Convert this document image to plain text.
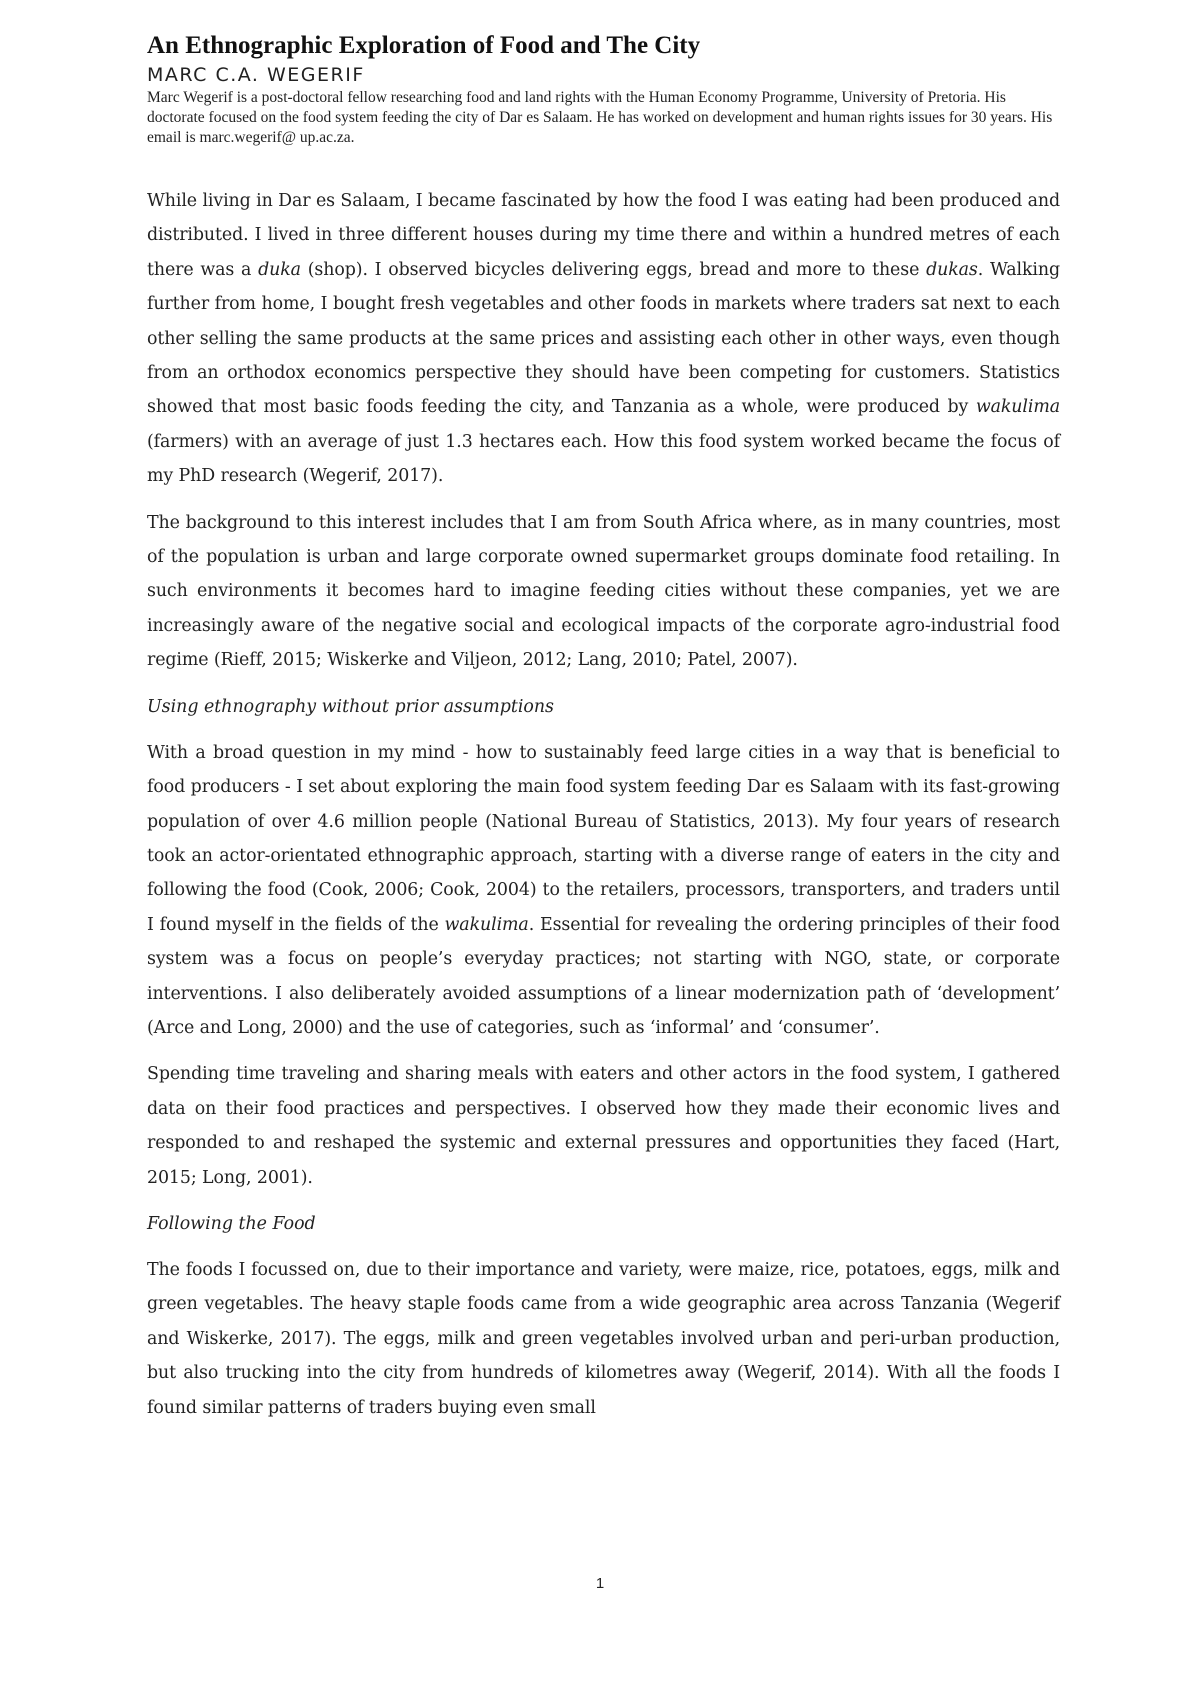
An Ethnographic Exploration of Food and The City

MARC C.A. WEGERIF

Marc Wegerif is a post-doctoral fellow researching food and land rights with the Human Economy Programme, University of Pretoria. His doctorate focused on the food system feeding the city of Dar es Salaam. He has worked on development and human rights issues for 30 years. His email is marc.wegerif@ up.ac.za.

While living in Dar es Salaam, I became fascinated by how the food I was eating had been produced and distributed. I lived in three different houses during my time there and within a hundred metres of each there was a duka (shop). I observed bicycles delivering eggs, bread and more to these dukas. Walking further from home, I bought fresh vegetables and other foods in markets where traders sat next to each other selling the same products at the same prices and assisting each other in other ways, even though from an orthodox economics perspective they should have been competing for customers. Statistics showed that most basic foods feeding the city, and Tanzania as a whole, were produced by wakulima (farmers) with an average of just 1.3 hectares each. How this food system worked became the focus of my PhD research (Wegerif, 2017).

The background to this interest includes that I am from South Africa where, as in many countries, most of the population is urban and large corporate owned supermarket groups dominate food retailing. In such environments it becomes hard to imagine feeding cities without these companies, yet we are increasingly aware of the negative social and ecological impacts of the corporate agro-industrial food regime (Rieff, 2015; Wiskerke and Viljeon, 2012; Lang, 2010; Patel, 2007).

Using ethnography without prior assumptions

With a broad question in my mind - how to sustainably feed large cities in a way that is beneficial to food producers - I set about exploring the main food system feeding Dar es Salaam with its fast-growing population of over 4.6 million people (National Bureau of Statistics, 2013). My four years of research took an actor-orientated ethnographic approach, starting with a diverse range of eaters in the city and following the food (Cook, 2006; Cook, 2004) to the retailers, processors, transporters, and traders until I found myself in the fields of the wakulima. Essential for revealing the ordering principles of their food system was a focus on people’s everyday practices; not starting with NGO, state, or corporate interventions. I also deliberately avoided assumptions of a linear modernization path of ‘development’ (Arce and Long, 2000) and the use of categories, such as ‘informal’ and ‘consumer’.

Spending time traveling and sharing meals with eaters and other actors in the food system, I gathered data on their food practices and perspectives. I observed how they made their economic lives and responded to and reshaped the systemic and external pressures and opportunities they faced (Hart, 2015; Long, 2001).

Following the Food

The foods I focussed on, due to their importance and variety, were maize, rice, potatoes, eggs, milk and green vegetables. The heavy staple foods came from a wide geographic area across Tanzania (Wegerif and Wiskerke, 2017). The eggs, milk and green vegetables involved urban and peri-urban production, but also trucking into the city from hundreds of kilometres away (Wegerif, 2014). With all the foods I found similar patterns of traders buying even small

1
